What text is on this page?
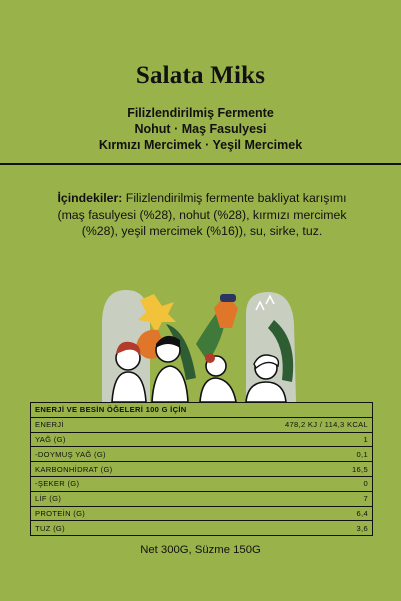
Salata Miks
Filizlendirilmiş Fermente
Nohut · Maş Fasulyesi
Kırmızı Mercimek · Yeşil Mercimek
İçindekiler: Filizlendirilmiş fermente bakliyat karışımı (maş fasulyesi (%28), nohut (%28), kırmızı mercimek (%28), yeşil mercimek (%16)), su, sirke, tuz.
ENERJİ VE BESİN ÖĞELERİ 100 G İÇİN	
ENERJİ	478,2 KJ / 114,3 KCAL
YAĞ (G)	1
-DOYMUŞ YAĞ (G)	0,1
KARBONHİDRAT (G)	16,5
-ŞEKER (G)	0
LİF (G)	7
PROTEİN (G)	6,4
TUZ (G)	3,6
Net 300G, Süzme 150G
